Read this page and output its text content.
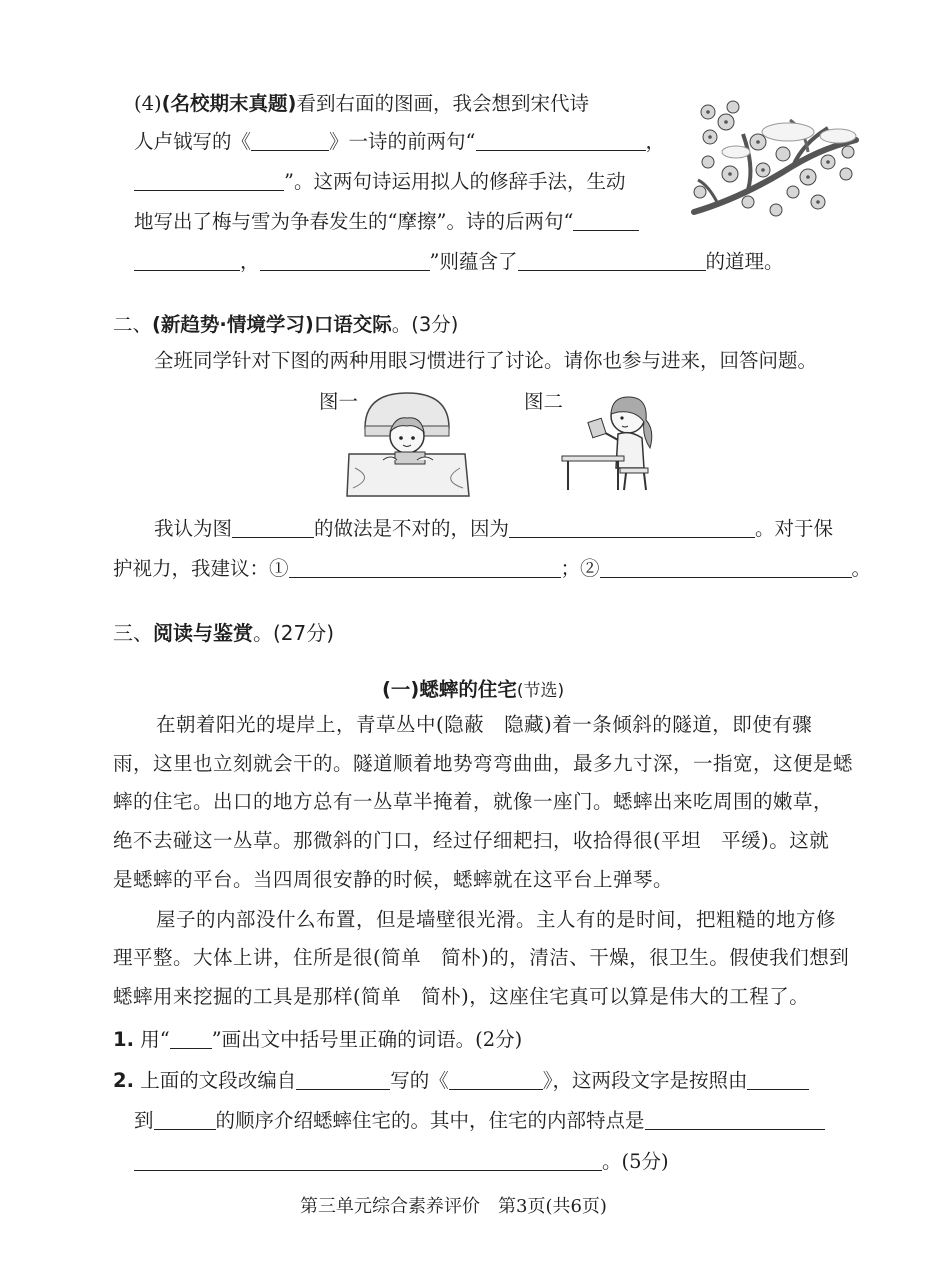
(4)(名校期末真题)看到右面的图画，我会想到宋代诗
人卢钺写的《	》一诗的前两句“	，
”。这两句诗运用拟人的修辞手法，生动
地写出了梅与雪为争春发生的“摩擦”。诗的后两句“
，	”则蕴含了	的道理。
二、(新趋势·情境学习)口语交际。(3分)
全班同学针对下图的两种用眼习惯进行了讨论。请你也参与进来，回答问题。
图一	图二
我认为图	的做法是不对的，因为	。对于保
护视力，我建议：①	；②	。
三、阅读与鉴赏。(27分)
(一)蟋蟀的住宅(节选)
在朝着阳光的堤岸上，青草丛中(隐蔽　隐藏)着一条倾斜的隧道，即使有骤
雨，这里也立刻就会干的。隧道顺着地势弯弯曲曲，最多九寸深，一指宽，这便是蟋
蟀的住宅。出口的地方总有一丛草半掩着，就像一座门。蟋蟀出来吃周围的嫩草，
绝不去碰这一丛草。那微斜的门口，经过仔细耙扫，收拾得很(平坦　平缓)。这就
是蟋蟀的平台。当四周很安静的时候，蟋蟀就在这平台上弹琴。
屋子的内部没什么布置，但是墙壁很光滑。主人有的是时间，把粗糙的地方修
理平整。大体上讲，住所是很(简单　简朴)的，清洁、干燥，很卫生。假使我们想到
蟋蟀用来挖掘的工具是那样(简单　简朴)，这座住宅真可以算是伟大的工程了。
1. 用“ ”画出文中括号里正确的词语。(2分)
2. 上面的文段改编自	写的《	》，这两段文字是按照由
到	的顺序介绍蟋蟀住宅的。其中，住宅的内部特点是
。(5分)
第三单元综合素养评价　第3页(共6页)
